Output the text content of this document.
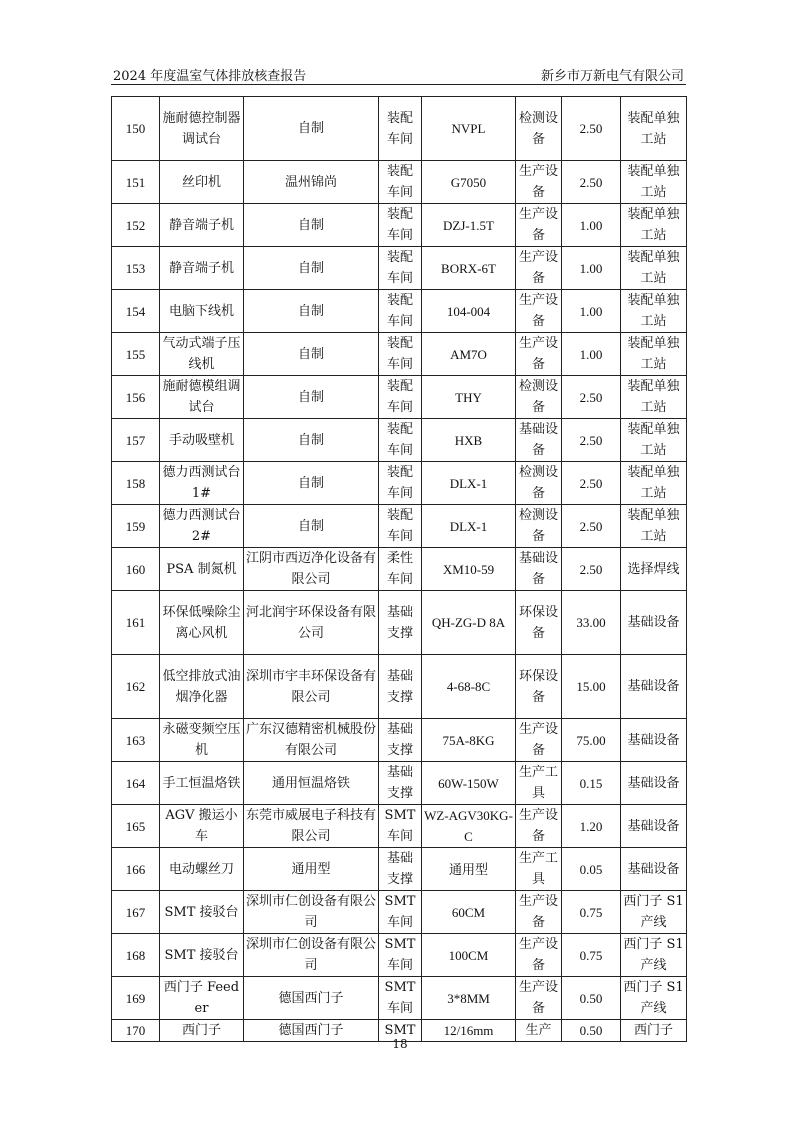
2024 年度温室气体排放核查报告	新乡市万新电气有限公司
150	施耐德控制器调试台	自制	装配车间	NVPL	检测设备	2.50	装配单独工站
151	丝印机	温州锦尚	装配车间	G7050	生产设备	2.50	装配单独工站
152	静音端子机	自制	装配车间	DZJ-1.5T	生产设备	1.00	装配单独工站
153	静音端子机	自制	装配车间	BORX-6T	生产设备	1.00	装配单独工站
154	电脑下线机	自制	装配车间	104-004	生产设备	1.00	装配单独工站
155	气动式端子压线机	自制	装配车间	AM7O	生产设备	1.00	装配单独工站
156	施耐德模组调试台	自制	装配车间	THY	检测设备	2.50	装配单独工站
157	手动吸壁机	自制	装配车间	HXB	基础设备	2.50	装配单独工站
158	德力西测试台 1#	自制	装配车间	DLX-1	检测设备	2.50	装配单独工站
159	德力西测试台 2#	自制	装配车间	DLX-1	检测设备	2.50	装配单独工站
160	PSA 制氮机	江阴市西迈净化设备有限公司	柔性车间	XM10-59	基础设备	2.50	选择焊线
161	环保低噪除尘离心风机	河北润宇环保设备有限公司	基础支撑	QH-ZG-D 8A	环保设备	33.00	基础设备
162	低空排放式油烟净化器	深圳市宇丰环保设备有限公司	基础支撑	4-68-8C	环保设备	15.00	基础设备
163	永磁变频空压机	广东汉德精密机械股份有限公司	基础支撑	75A-8KG	生产设备	75.00	基础设备
164	手工恒温烙铁	通用恒温烙铁	基础支撑	60W-150W	生产工具	0.15	基础设备
165	AGV 搬运小车	东莞市威展电子科技有限公司	SMT 车间	WZ-AGV30KG-C	生产设备	1.20	基础设备
166	电动螺丝刀	通用型	基础支撑	通用型	生产工具	0.05	基础设备
167	SMT 接驳台	深圳市仁创设备有限公司	SMT 车间	60CM	生产设备	0.75	西门子 S1 产线
168	SMT 接驳台	深圳市仁创设备有限公司	SMT 车间	100CM	生产设备	0.75	西门子 S1 产线
169	西门子 Feeder	德国西门子	SMT 车间	3*8MM	生产设备	0.50	西门子 S1 产线
170	西门子	德国西门子	SMT	12/16mm	生产	0.50	西门子
18
